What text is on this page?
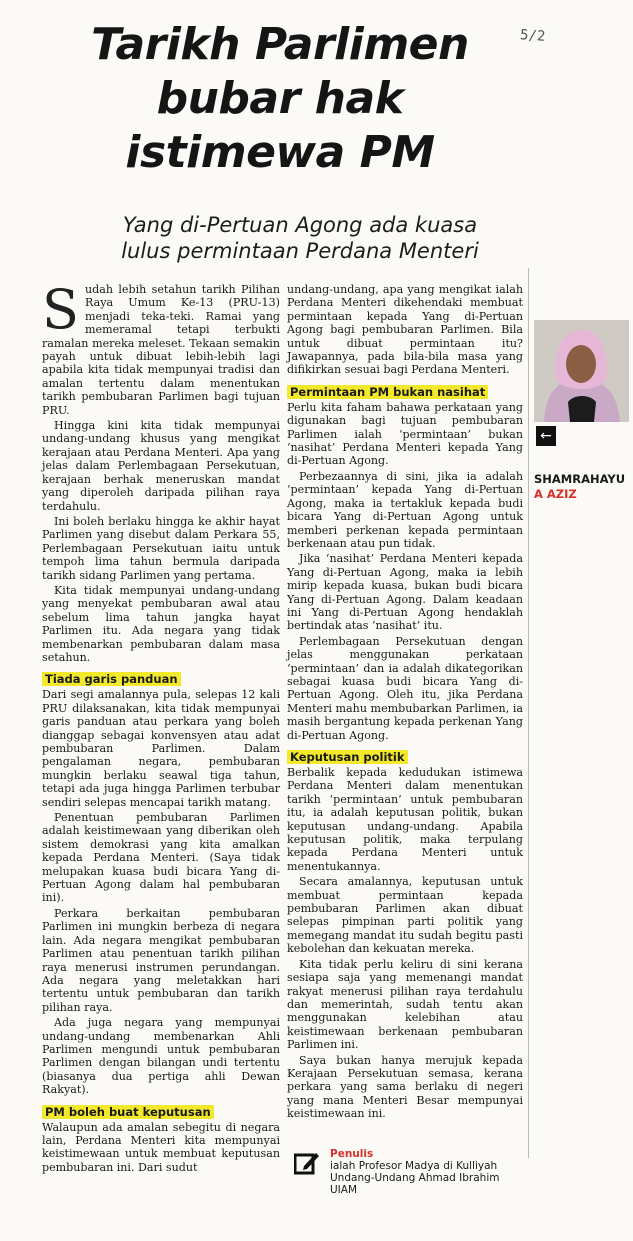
5/2
Tarikh Parlimen
bubar hak
istimewa PM
Yang di-Pertuan Agong ada kuasa
lulus permintaan Perdana Menteri
S udah lebih setahun tarikh Pilihan Raya Umum Ke-13 (PRU-13) menjadi teka-teki. Ramai yang memeramal tetapi terbukti ramalan mereka meleset. Tekaan semakin payah untuk dibuat lebih-lebih lagi apabila kita tidak mempunyai tradisi dan amalan tertentu dalam menentukan tarikh pembubaran Parlimen bagi tujuan PRU.

Hingga kini kita tidak mempunyai undang-undang khusus yang mengikat kerajaan atau Perdana Menteri. Apa yang jelas dalam Perlembagaan Persekutuan, kerajaan berhak meneruskan mandat yang diperoleh daripada pilihan raya terdahulu.

Ini boleh berlaku hingga ke akhir hayat Parlimen yang disebut dalam Perkara 55, Perlembagaan Persekutuan iaitu untuk tempoh lima tahun bermula daripada tarikh sidang Parlimen yang pertama.

Kita tidak mempunyai undang-undang yang menyekat pembubaran awal atau sebelum lima tahun jangka hayat Parlimen itu. Ada negara yang tidak membenarkan pembubaran dalam masa setahun.

Tiada garis panduan

Dari segi amalannya pula, selepas 12 kali PRU dilaksanakan, kita tidak mempunyai garis panduan atau perkara yang boleh dianggap sebagai konvensyen atau adat pembubaran Parlimen. Dalam pengalaman negara, pembubaran mungkin berlaku seawal tiga tahun, tetapi ada juga hingga Parlimen terbubar sendiri selepas mencapai tarikh matang.

Penentuan pembubaran Parlimen adalah keistimewaan yang diberikan oleh sistem demokrasi yang kita amalkan kepada Perdana Menteri. (Saya tidak melupakan kuasa budi bicara Yang di-Pertuan Agong dalam hal pembubaran ini).

Perkara berkaitan pembubaran Parlimen ini mungkin berbeza di negara lain. Ada negara mengikat pembubaran Parlimen atau penentuan tarikh pilihan raya menerusi instrumen perundangan. Ada negara yang meletakkan hari tertentu untuk pembubaran dan tarikh pilihan raya.

Ada juga negara yang mempunyai undang-undang membenarkan Ahli Parlimen mengundi untuk pembubaran Parlimen dengan bilangan undi tertentu (biasanya dua pertiga ahli Dewan Rakyat).

PM boleh buat keputusan

Walaupun ada amalan sebegitu di negara lain, Perdana Menteri kita mempunyai keistimewaan untuk membuat keputusan pembubaran ini. Dari sudut

undang-undang, apa yang mengikat ialah Perdana Menteri dikehendaki membuat permintaan kepada Yang di-Pertuan Agong bagi pembubaran Parlimen. Bila untuk dibuat permintaan itu? Jawapannya, pada bila-bila masa yang difikirkan sesuai bagi Perdana Menteri.

Permintaan PM bukan nasihat

Perlu kita faham bahawa perkataan yang digunakan bagi tujuan pembubaran Parlimen ialah ‘permintaan’ bukan ‘nasihat’ Perdana Menteri kepada Yang di-Pertuan Agong.

Perbezaannya di sini, jika ia adalah ‘permintaan’ kepada Yang di-Pertuan Agong, maka ia tertakluk kepada budi bicara Yang di-Pertuan Agong untuk memberi perkenan kepada permintaan berkenaan atau pun tidak.

Jika ‘nasihat’ Perdana Menteri kepada Yang di-Pertuan Agong, maka ia lebih mirip kepada kuasa, bukan budi bicara Yang di-Pertuan Agong. Dalam keadaan ini Yang di-Pertuan Agong hendaklah bertindak atas ‘nasihat’ itu.

Perlembagaan Persekutuan dengan jelas menggunakan perkataan ‘permintaan’ dan ia adalah dikategorikan sebagai kuasa budi bicara Yang di-Pertuan Agong. Oleh itu, jika Perdana Menteri mahu membubarkan Parlimen, ia masih bergantung kepada perkenan Yang di-Pertuan Agong.

Keputusan politik

Berbalik kepada kedudukan istimewa Perdana Menteri dalam menentukan tarikh ‘permintaan’ untuk pembubaran itu, ia adalah keputusan politik, bukan keputusan undang-undang. Apabila keputusan politik, maka terpulang kepada Perdana Menteri untuk menentukannya.

Secara amalannya, keputusan untuk membuat permintaan kepada pembubaran Parlimen akan dibuat selepas pimpinan parti politik yang memegang mandat itu sudah begitu pasti kebolehan dan kekuatan mereka.

Kita tidak perlu keliru di sini kerana sesiapa saja yang memenangi mandat rakyat menerusi pilihan raya terdahulu dan memerintah, sudah tentu akan menggunakan kelebihan atau keistimewaan berkenaan pembubaran Parlimen ini.

Saya bukan hanya merujuk kepada Kerajaan Persekutuan semasa, kerana perkara yang sama berlaku di negeri yang mana Menteri Besar mempunyai keistimewaan ini.

←
SHAMRAHAYU
A AZIZ
Penulis
ialah Profesor Madya di Kulliyah Undang-Undang Ahmad Ibrahim UIAM
